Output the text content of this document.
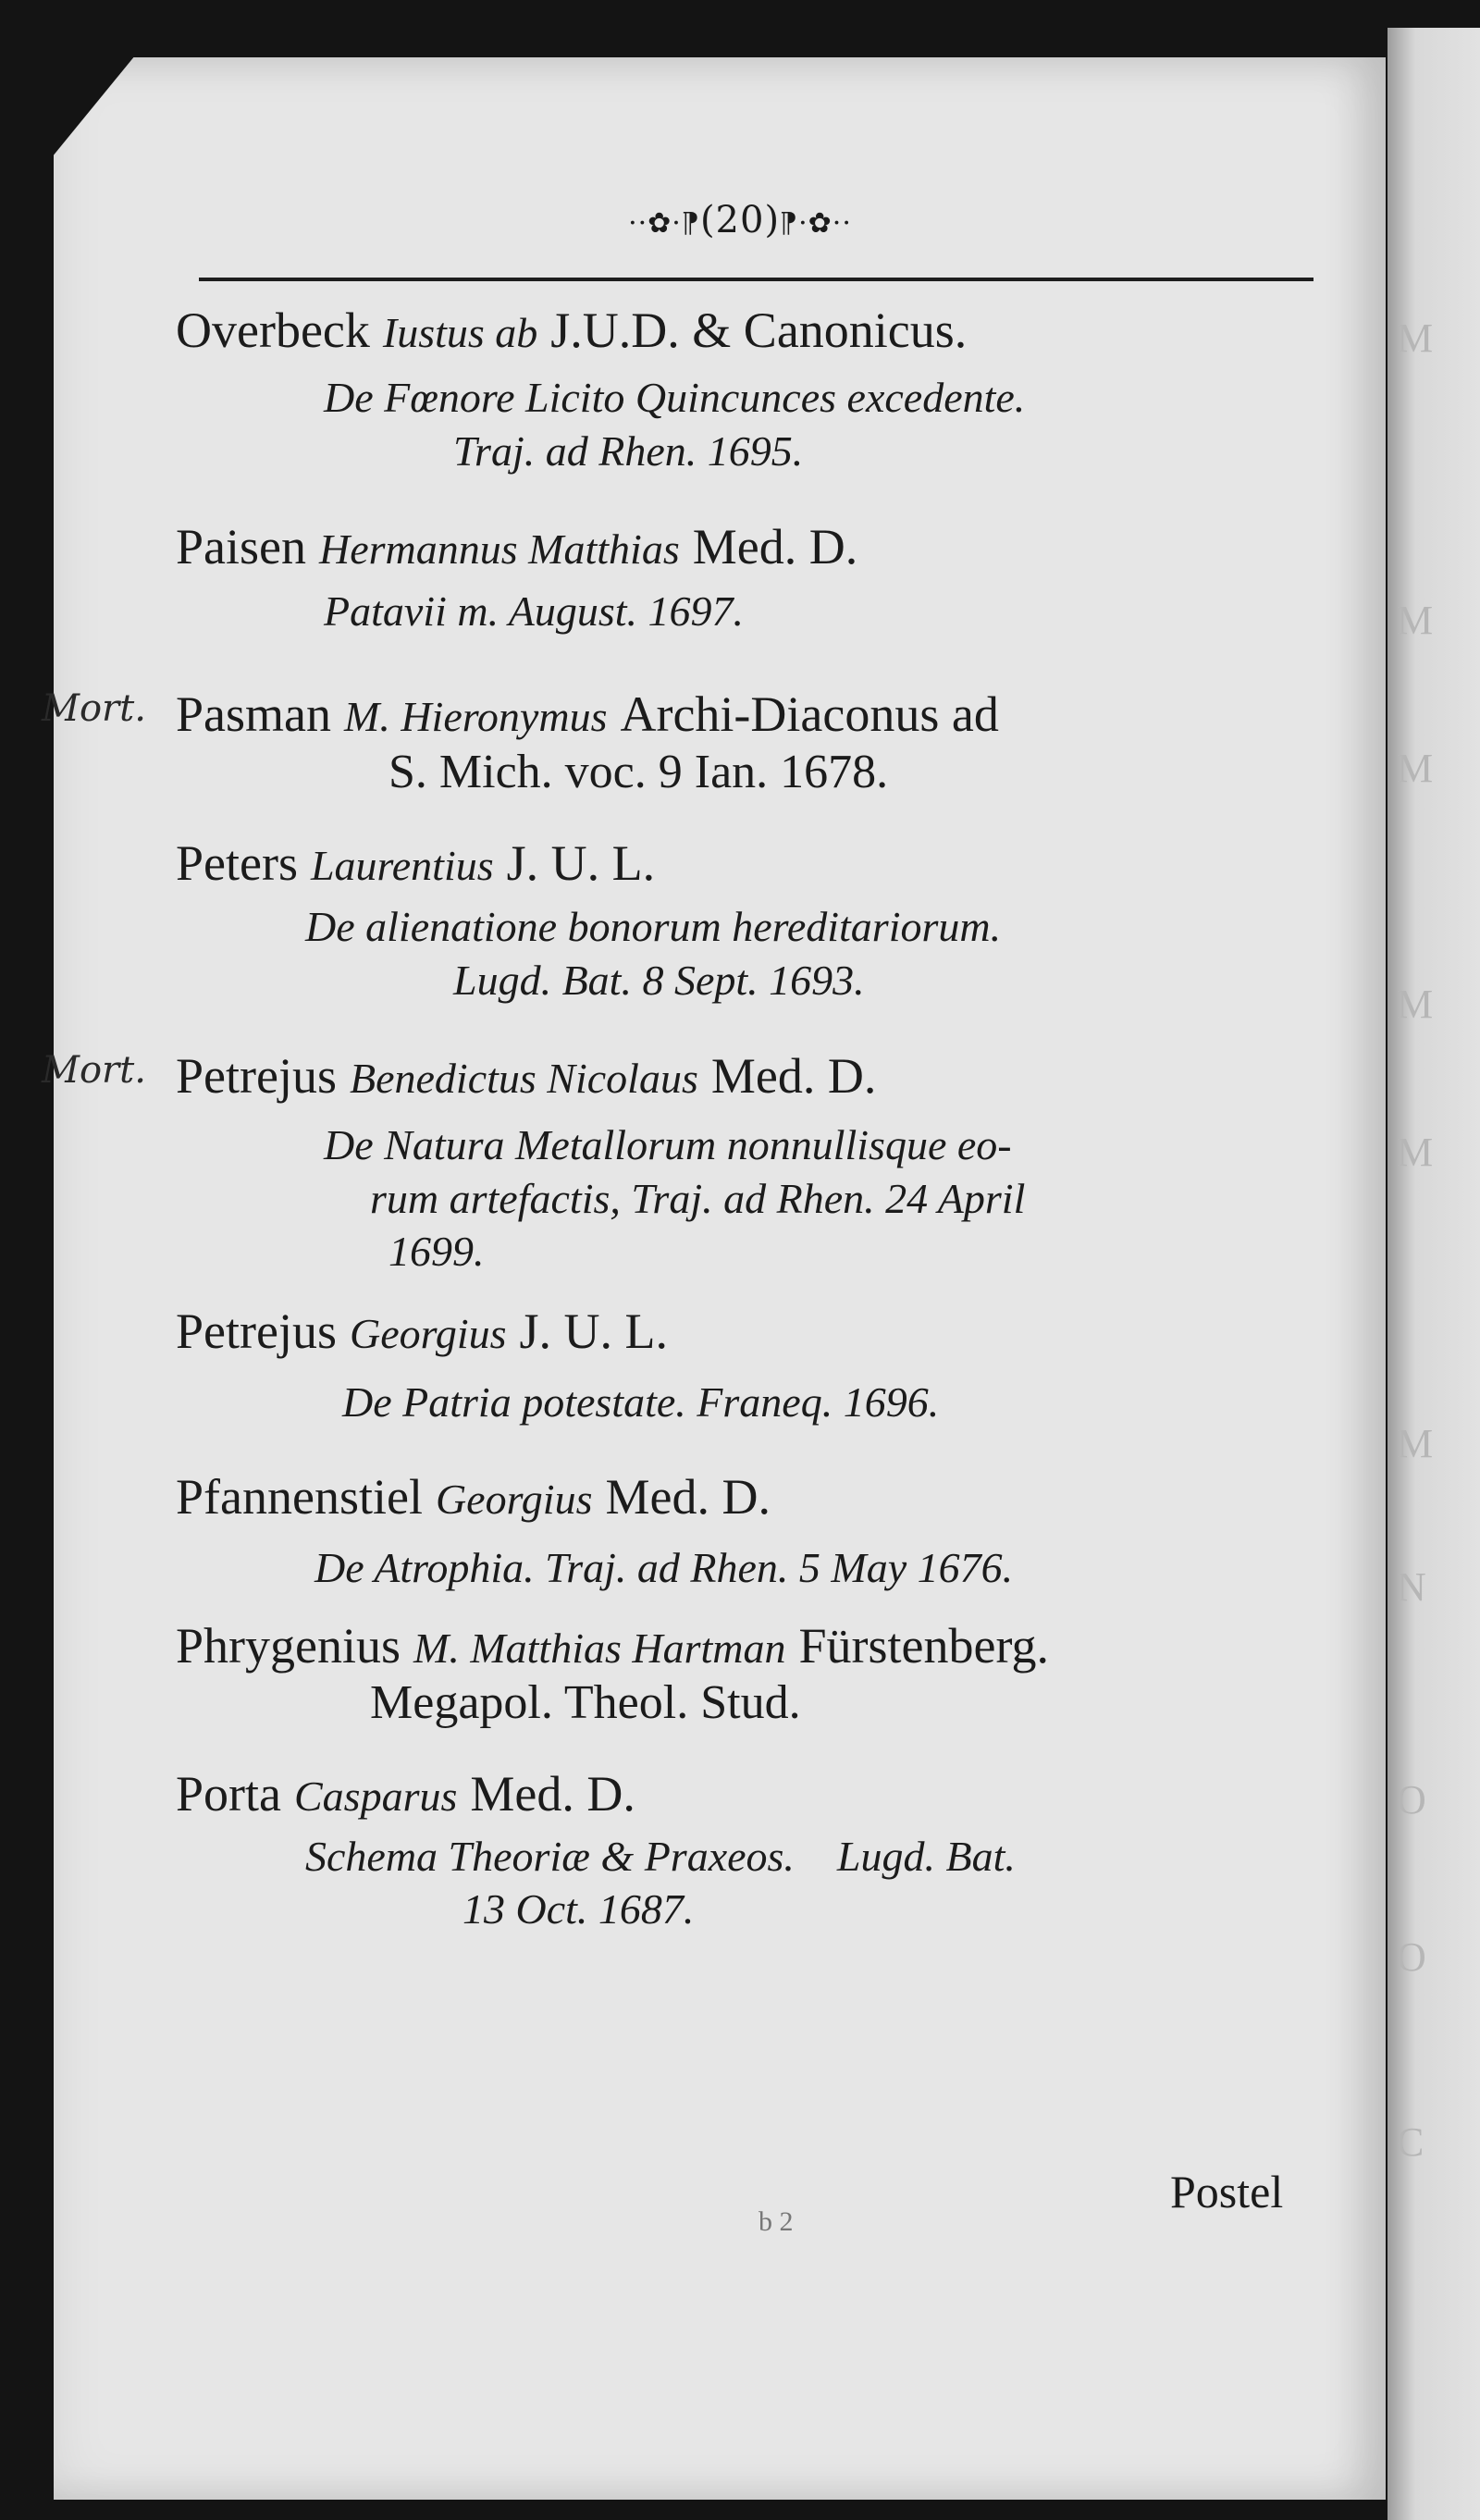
M
M
M
M
M
M
N
O
O
C
··✿·⁋(20)⁋·✿··
Overbeck Iustus ab J.U.D. & Canonicus.
De Fœnore Licito Quincunces excedente.
Traj. ad Rhen. 1695.
Paisen Hermannus Matthias Med. D.
Patavii m. August. 1697.
Mort. Pasman M. Hieronymus Archi-Diaconus ad
S. Mich. voc. 9 Ian. 1678.
Peters Laurentius J. U. L.
De alienatione bonorum hereditariorum.
Lugd. Bat. 8 Sept. 1693.
Mort. Petrejus Benedictus Nicolaus Med. D.
De Natura Metallorum nonnullisque eo-
rum artefactis, Traj. ad Rhen. 24 April
1699.
Petrejus Georgius J. U. L.
De Patria potestate. Franeq. 1696.
Pfannenstiel Georgius Med. D.
De Atrophia. Traj. ad Rhen. 5 May 1676.
Phrygenius M. Matthias Hartman Fürstenberg.
Megapol. Theol. Stud.
Porta Casparus Med. D.
Schema Theoriæ & Praxeos.    Lugd. Bat.
13 Oct. 1687.
Postel
b 2
